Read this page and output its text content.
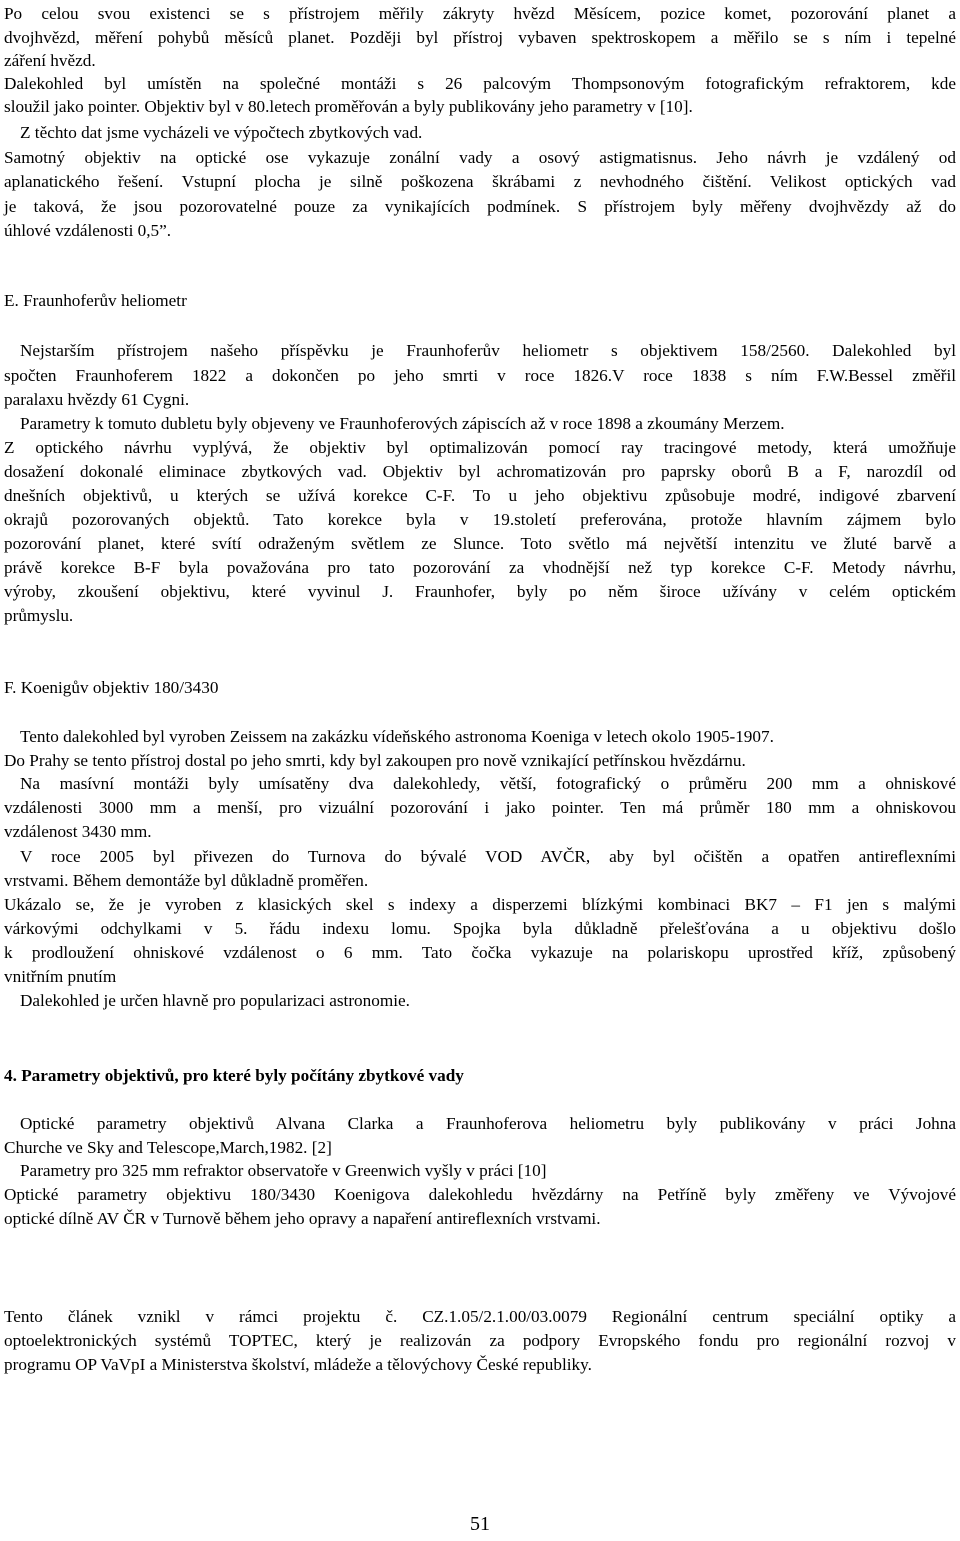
Po celou svou existenci se s přístrojem měřily zákryty hvězd Měsícem, pozice komet, pozorování planet a
dvojhvězd, měření pohybů měsíců planet. Později byl přístroj vybaven spektroskopem a měřilo se s ním i tepelné
záření hvězd.
Dalekohled byl umístěn na společné montáži s 26 palcovým Thompsonovým fotografickým refraktorem, kde
sloužil jako pointer. Objektiv byl v 80.letech proměřován a byly publikovány jeho parametry v [10].
Z těchto dat jsme vycházeli ve výpočtech zbytkových vad.
Samotný objektiv na optické ose vykazuje zonální vady a osový astigmatisnus. Jeho návrh je vzdálený od
aplanatického řešení. Vstupní plocha je silně poškozena škrábami z nevhodného čištění. Velikost optických vad
je taková, že jsou pozorovatelné pouze za vynikajících podmínek. S přístrojem byly měřeny dvojhvězdy až do
úhlové vzdálenosti 0,5”.
E. Fraunhoferův heliometr
Nejstarším přístrojem našeho příspěvku je Fraunhoferův heliometr s objektivem 158/2560. Dalekohled byl
spočten Fraunhoferem 1822 a dokončen po jeho smrti v roce 1826.V roce 1838 s ním F.W.Bessel změřil
paralaxu hvězdy 61 Cygni.
Parametry k tomuto dubletu byly objeveny ve Fraunhoferových zápiscích až v roce 1898 a zkoumány Merzem.
Z optického návrhu vyplývá, že objektiv byl optimalizován pomocí ray tracingové metody, která umožňuje
dosažení dokonalé eliminace zbytkových vad. Objektiv byl achromatizován pro paprsky oborů B a F, narozdíl od
dnešních objektivů, u kterých se užívá korekce C-F. To u jeho objektivu způsobuje modré, indigové zbarvení
okrajů pozorovaných objektů. Tato korekce byla v 19.století preferována, protože hlavním zájmem bylo
pozorování planet, které svítí odraženým světlem ze Slunce. Toto světlo má největší intenzitu ve žluté barvě a
právě korekce B-F byla považována pro tato pozorování za vhodnější než typ korekce C-F. Metody návrhu,
výroby, zkoušení objektivu, které vyvinul J. Fraunhofer, byly po něm široce užívány v celém optickém
průmyslu.
F. Koenigův objektiv 180/3430
Tento dalekohled byl vyroben Zeissem na zakázku vídeňského astronoma Koeniga v letech okolo 1905-1907.
Do Prahy se tento přístroj dostal po jeho smrti, kdy byl zakoupen pro nově vznikající petřínskou hvězdárnu.
Na masívní montáži byly umísatěny dva dalekohledy, větší, fotografický o průměru 200 mm a ohniskové
vzdálenosti 3000 mm a menší, pro vizuální pozorování i jako pointer. Ten má průměr 180 mm a ohniskovou
vzdálenost 3430 mm.
V roce 2005 byl přivezen do Turnova do bývalé VOD AVČR, aby byl očištěn a opatřen antireflexními
vrstvami. Během demontáže byl důkladně proměřen.
Ukázalo se, že je vyroben z klasických skel s indexy a disperzemi blízkými kombinaci BK7 – F1 jen s malými
várkovými odchylkami v 5. řádu indexu lomu. Spojka byla důkladně přelešťována a u objektivu došlo
k prodloužení ohniskové vzdálenost o 6 mm. Tato čočka vykazuje na polariskopu uprostřed kříž, způsobený
vnitřním pnutím
Dalekohled je určen hlavně pro popularizaci astronomie.
4. Parametry objektivů, pro které byly počítány zbytkové vady
Optické parametry objektivů Alvana Clarka a Fraunhoferova heliometru byly publikovány v práci Johna
Churche ve Sky and Telescope,March,1982. [2]
Parametry pro 325 mm refraktor observatoře v Greenwich vyšly v práci [10]
Optické parametry objektivu 180/3430 Koenigova dalekohledu hvězdárny na Petříně byly změřeny ve Vývojové
optické dílně AV ČR v Turnově během jeho opravy a napaření antireflexních vrstvami.
Tento článek vznikl v rámci projektu č. CZ.1.05/2.1.00/03.0079 Regionální centrum speciální optiky a
optoelektronických systémů TOPTEC, který je realizován za podpory Evropského fondu pro regionální rozvoj v
programu OP VaVpI a Ministerstva školství, mládeže a tělovýchovy České republiky.
51
